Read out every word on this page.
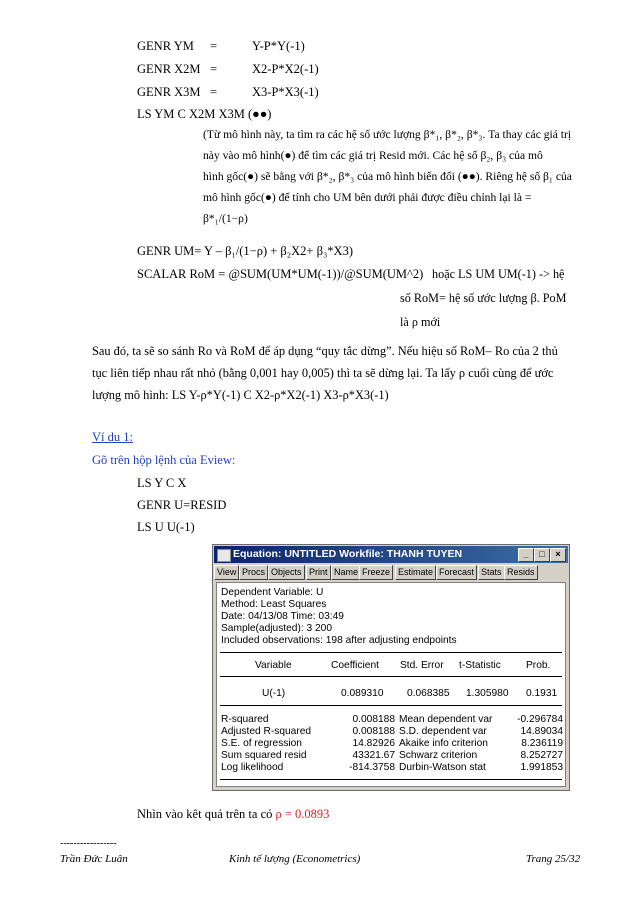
GENR YM =	Y-P*Y(-1)
GENR X2M =	X2-P*X2(-1)
GENR X3M =	X3-P*X3(-1)
LS YM C X2M X3M (●●)
(Từ mô hình này, ta tìm ra các hệ số ước lượng β*₁, β*₂, β*₃. Ta thay các giá trị
này vào mô hình(●) để tìm các giá trị Resid mới. Các hệ số β₂, β₃ của mô
hình gốc(●) sẽ bằng với β*₂, β*₃ của mô hình biến đổi (●●). Riêng hệ số β₁ của
mô hình gốc(●) để tính cho UM bên dưới phải được điều chỉnh lại là =
β*₁/(1−ρ)
GENR UM= Y – β₁/(1−ρ) + β₂X2+ β₃*X3)
SCALAR RoM = @SUM(UM*UM(-1))/@SUM(UM^2) hoặc LS UM UM(-1) -> hệ
số RoM= hệ số ước lượng β. PoM
là ρ mới
Sau đó, ta sẽ so sánh Ro và RoM để áp dụng “quy tắc dừng”. Nếu hiệu số RoM– Ro của 2 thủ
tục liên tiếp nhau rất nhỏ (bằng 0,001 hay 0,005) thì ta sẽ dừng lại. Ta lấy ρ cuối cùng để ước
lượng mô hình: LS Y-ρ*Y(-1) C X2-ρ*X2(-1) X3-ρ*X3(-1)
Ví du 1:
Gõ trên hộp lệnh của Eview:
LS Y C X
GENR U=RESID
LS U U(-1)
Equation: UNTITLED Workfile: THANH TUYEN	_	□	×
View Procs Objects Print Name Freeze Estimate Forecast Stats Resids
Dependent Variable: U
Method: Least Squares
Date: 04/13/08 Time: 03:49
Sample(adjusted): 3 200
Included observations: 198 after adjusting endpoints
Variable	Coefficient Std. Error t-Statistic Prob.
U(-1)	0.089310 0.068385 1.305980 0.1931
R-squared	0.008188 Mean dependent var	-0.296784
Adjusted R-squared	0.008188 S.D. dependent var	14.89034
S.E. of regression	14.82926 Akaike info criterion	8.236119
Sum squared resid	43321.67 Schwarz criterion	8.252727
Log likelihood	-814.3758 Durbin-Watson stat	1.991853
Nhìn vào kêt quả trên ta có ρ = 0.0893
-----------------
Trần Đức Luân	Kinh tế lượng (Econometrics)	Trang 25/32
